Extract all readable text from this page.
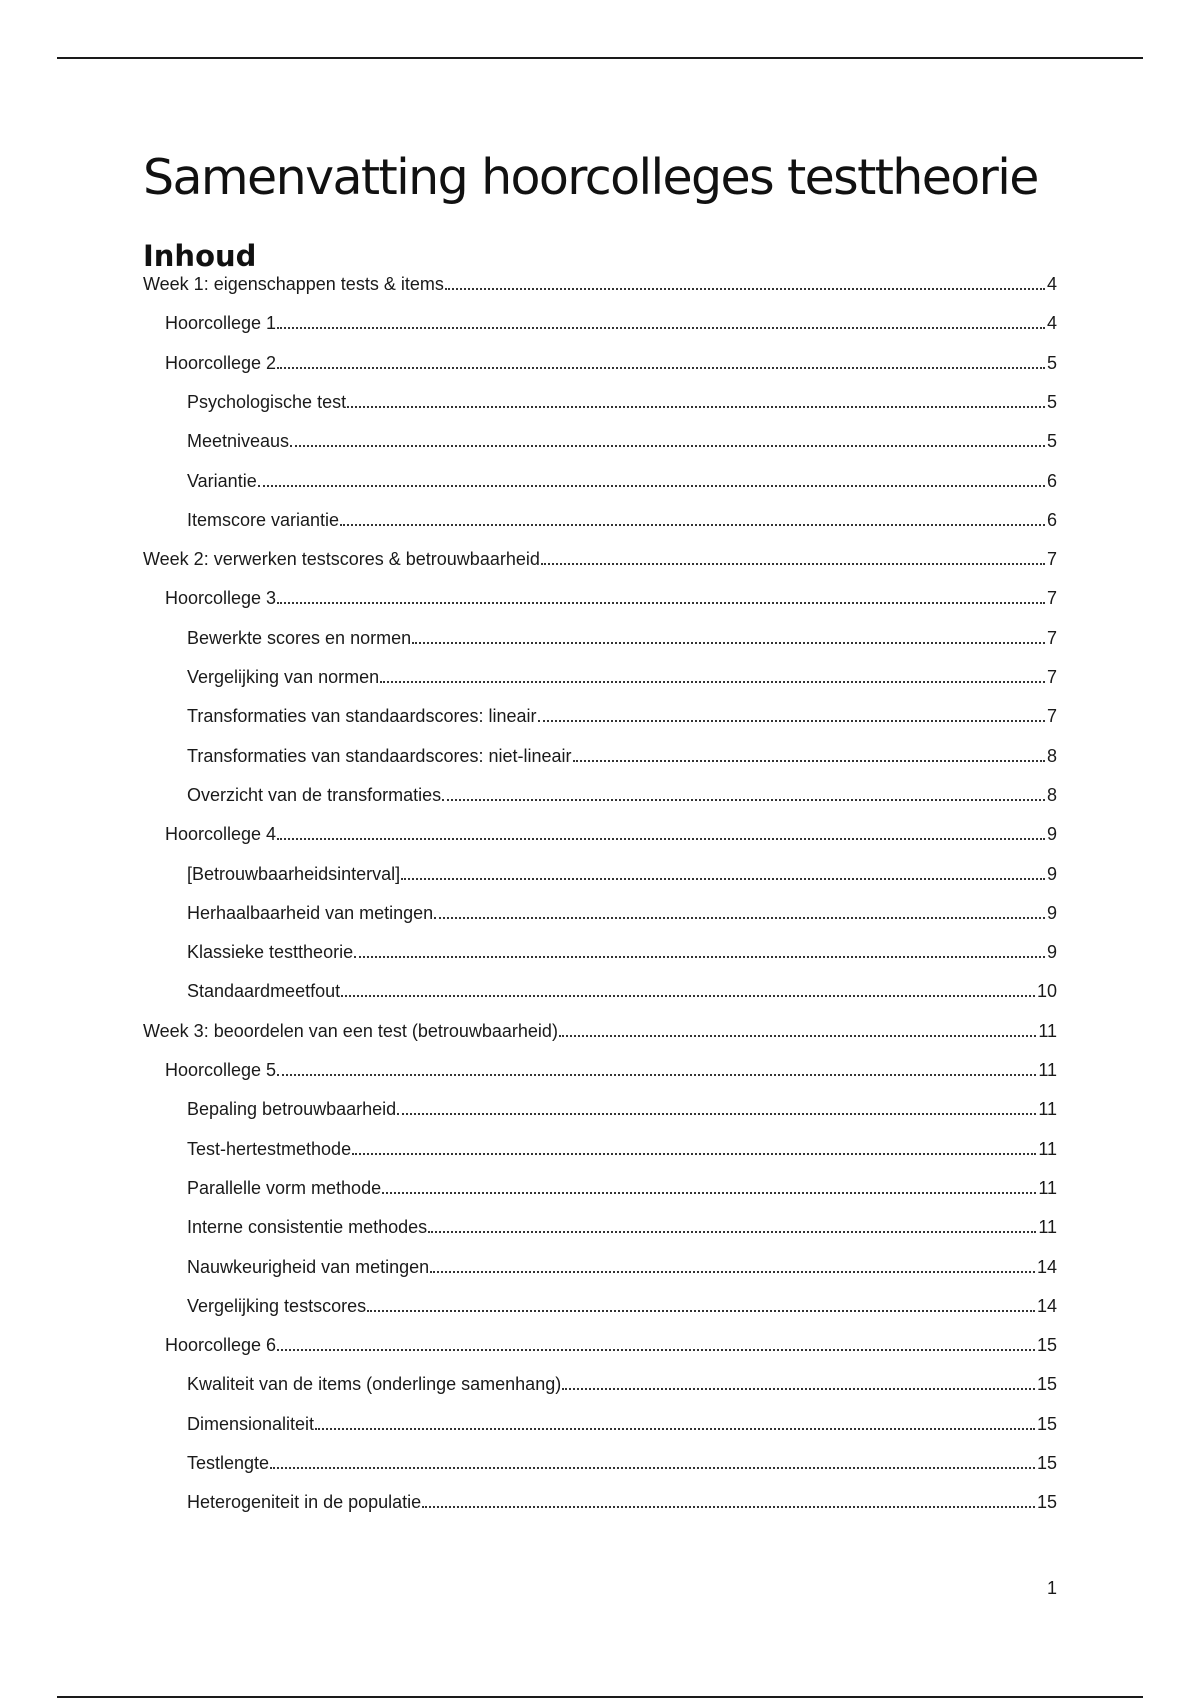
Samenvatting hoorcolleges testtheorie
Inhoud
Week 1: eigenschappen tests & items	4
Hoorcollege 1	4
Hoorcollege 2	5
Psychologische test	5
Meetniveaus	5
Variantie	6
Itemscore variantie	6
Week 2: verwerken testscores & betrouwbaarheid	7
Hoorcollege 3	7
Bewerkte scores en normen	7
Vergelijking van normen	7
Transformaties van standaardscores: lineair	7
Transformaties van standaardscores: niet-lineair	8
Overzicht van de transformaties	8
Hoorcollege 4	9
[Betrouwbaarheidsinterval]	9
Herhaalbaarheid van metingen	9
Klassieke testtheorie	9
Standaardmeetfout	10
Week 3: beoordelen van een test (betrouwbaarheid)	11
Hoorcollege 5	11
Bepaling betrouwbaarheid	11
Test-hertestmethode	11
Parallelle vorm methode	11
Interne consistentie methodes	11
Nauwkeurigheid van metingen	14
Vergelijking testscores	14
Hoorcollege 6	15
Kwaliteit van de items (onderlinge samenhang)	15
Dimensionaliteit	15
Testlengte	15
Heterogeniteit in de populatie	15
1
